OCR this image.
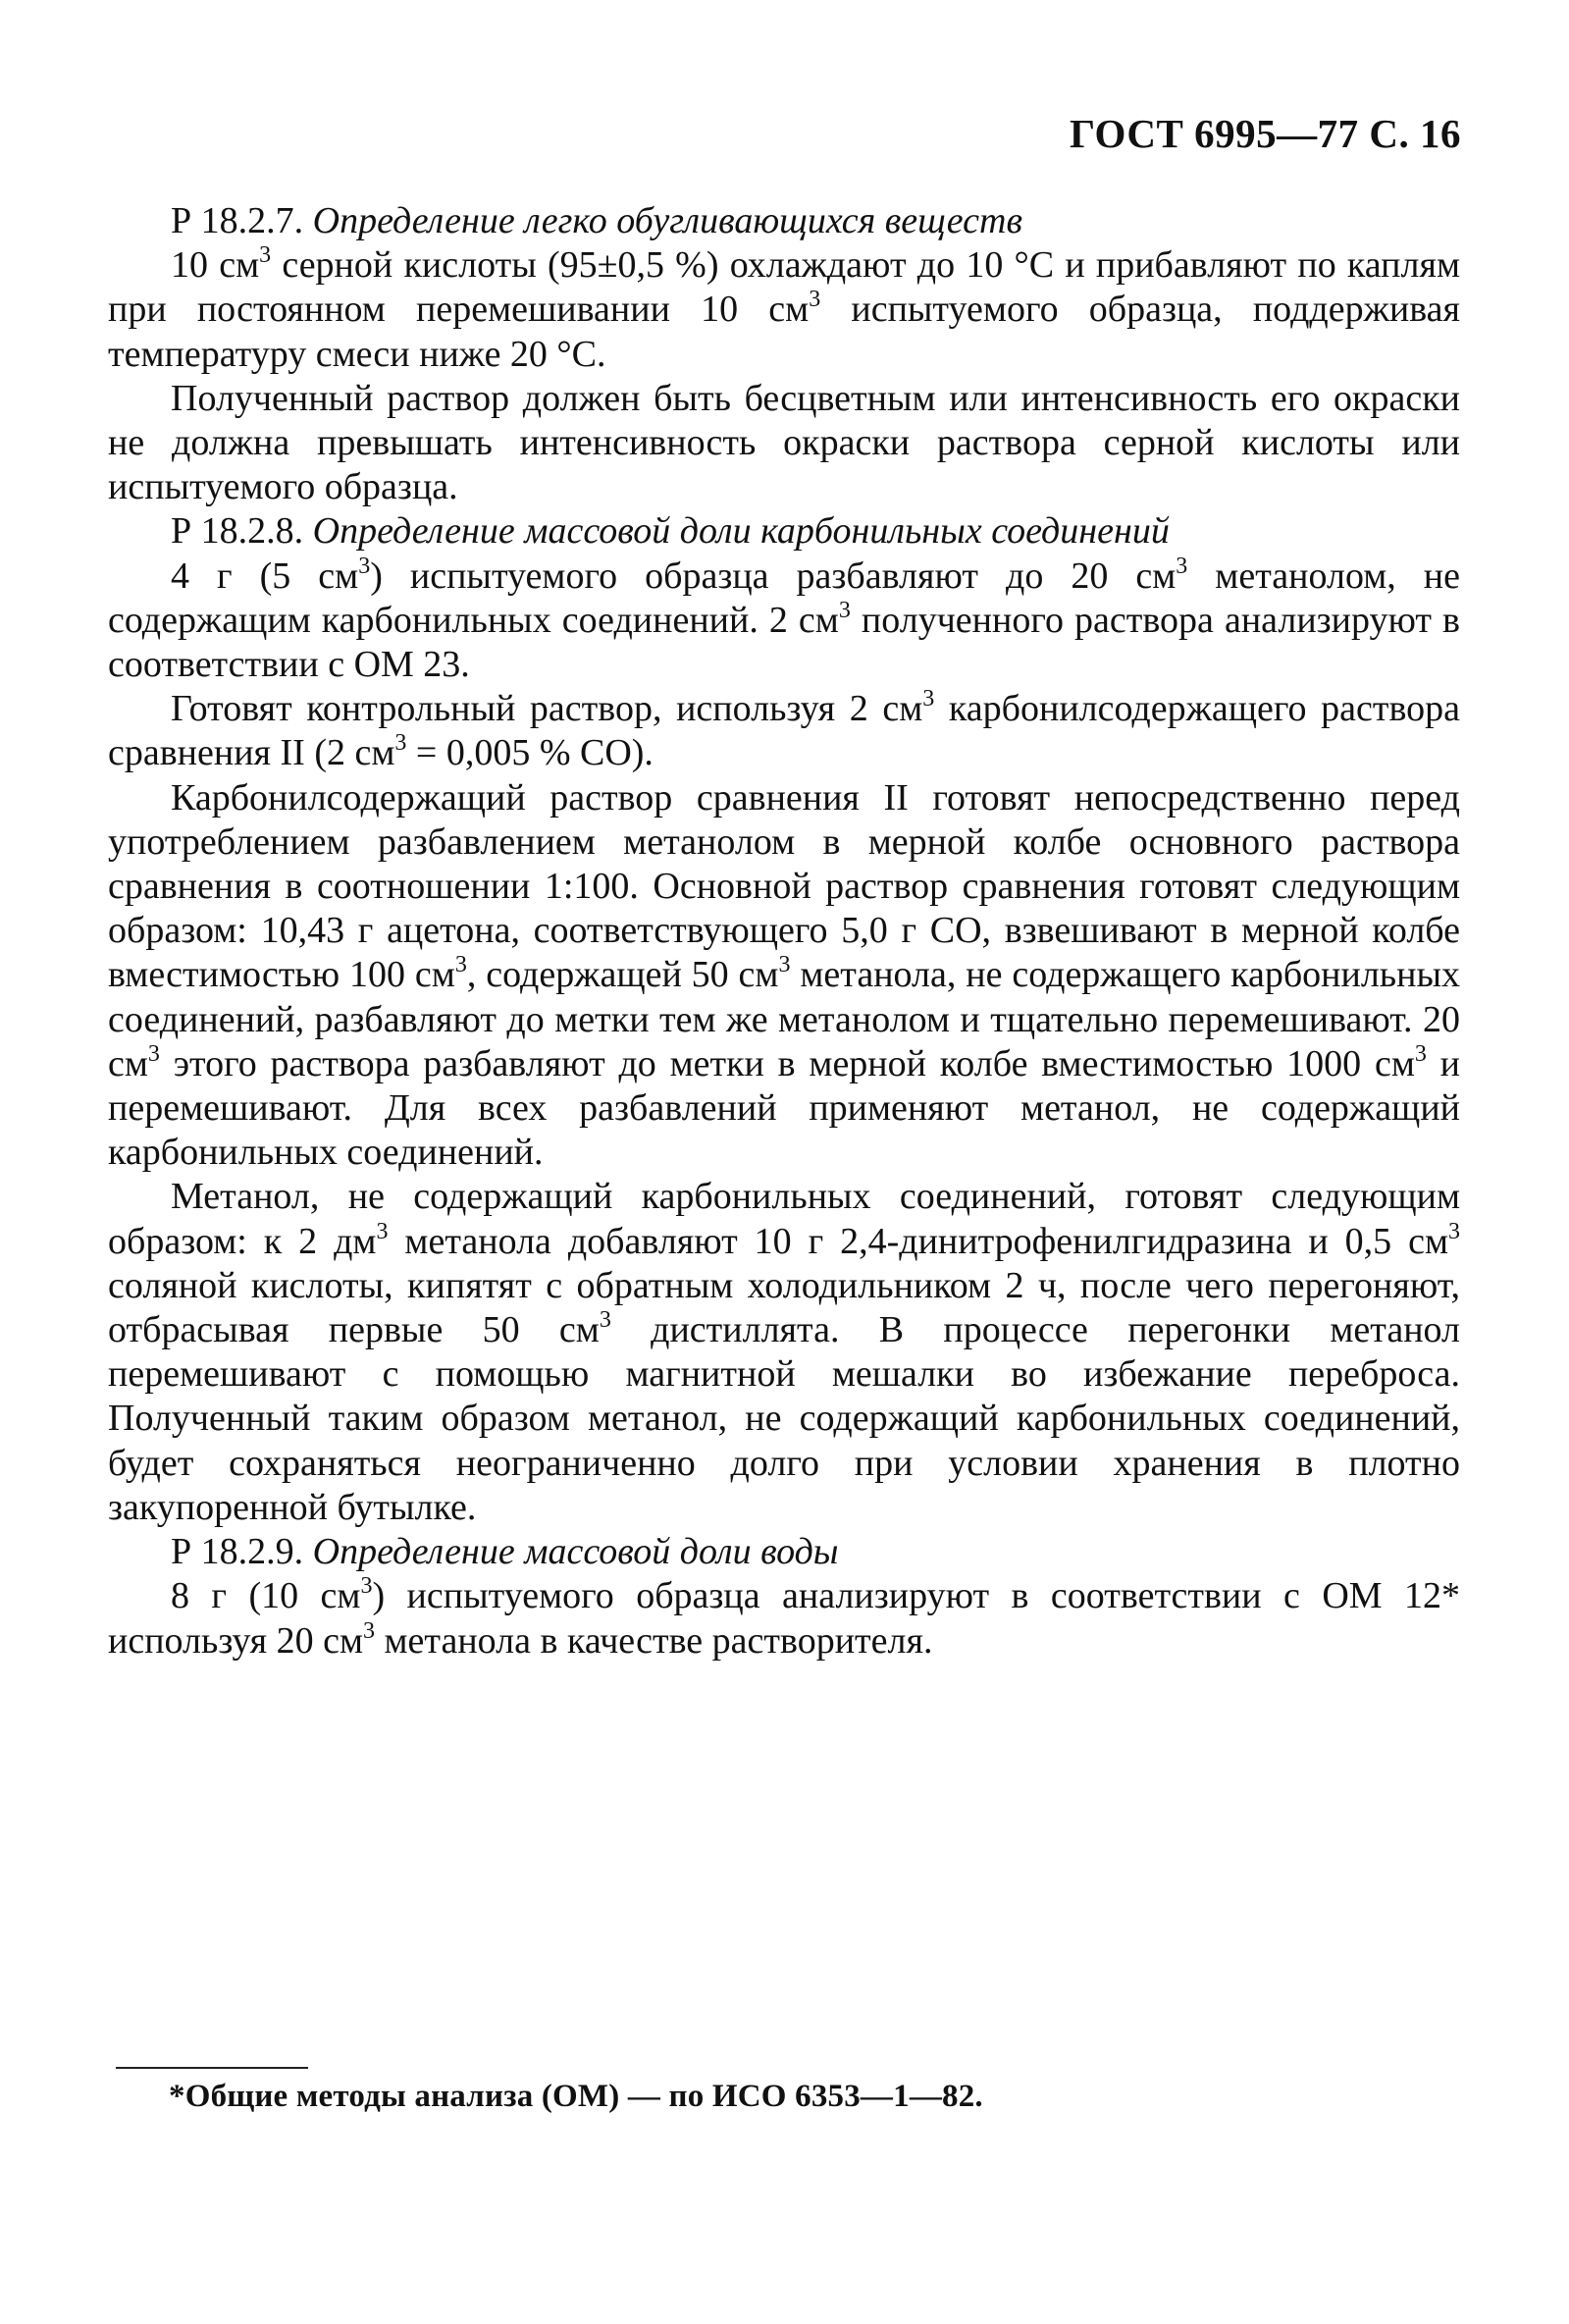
ГОСТ 6995—77 С. 16

Р 18.2.7. Определение легко обугливающихся веществ

10 $см^3$ серной кислоты (95±0,5 %) охлаждают до 10 °С и прибавляют по каплям при постоянном перемешивании 10 $см^3$ испытуемого образца, поддерживая температуру смеси ниже 20 °С.

Полученный раствор должен быть бесцветным или интенсивность его окраски не должна превышать интенсивность окраски раствора серной кислоты или испытуемого образца.

Р 18.2.8. Определение массовой доли карбонильных соединений

4 г (5 $см^3$) испытуемого образца разбавляют до 20 $см^3$ метанолом, не содержащим карбонильных соединений. 2 $см^3$ полученного раствора анализируют в соответствии с ОМ 23.

Готовят контрольный раствор, используя 2 $см^3$ карбонилсодержащего раствора сравнения II (2 $см^3 = 0,005$ % СО).

Карбонилсодержащий раствор сравнения II готовят непосредственно перед употреблением разбавлением метанолом в мерной колбе основного раствора сравнения в соотношении 1:100. Основной раствор сравнения готовят следующим образом: 10,43 г ацетона, соответствующего 5,0 г СО, взвешивают в мерной колбе вместимостью 100 $см^3$, содержащей 50 $см^3$ метанола, не содержащего карбонильных соединений, разбавляют до метки тем же метанолом и тщательно перемешивают. 20 $см^3$ этого раствора разбавляют до метки в мерной колбе вместимостью 1000 $см^3$ и перемешивают. Для всех разбавлений применяют метанол, не содержащий карбонильных соединений.

Метанол, не содержащий карбонильных соединений, готовят следующим образом: к 2 $дм^3$ метанола добавляют 10 г 2,4-динитрофенилгидразина и 0,5 $см^3$ соляной кислоты, кипятят с обратным холодильником 2 ч, после чего перегоняют, отбрасывая первые 50 $см^3$ дистиллята. В процессе перегонки метанол перемешивают с помощью магнитной мешалки во избежание переброса. Полученный таким образом метанол, не содержащий карбонильных соединений, будет сохраняться неограниченно долго при условии хранения в плотно закупоренной бутылке.

Р 18.2.9. Определение массовой доли воды

8 г (10 $см^3$) испытуемого образца анализируют в соответствии с ОМ 12* используя 20 $см^3$ метанола в качестве растворителя.

*Общие методы анализа (ОМ) — по ИСО 6353—1—82.
